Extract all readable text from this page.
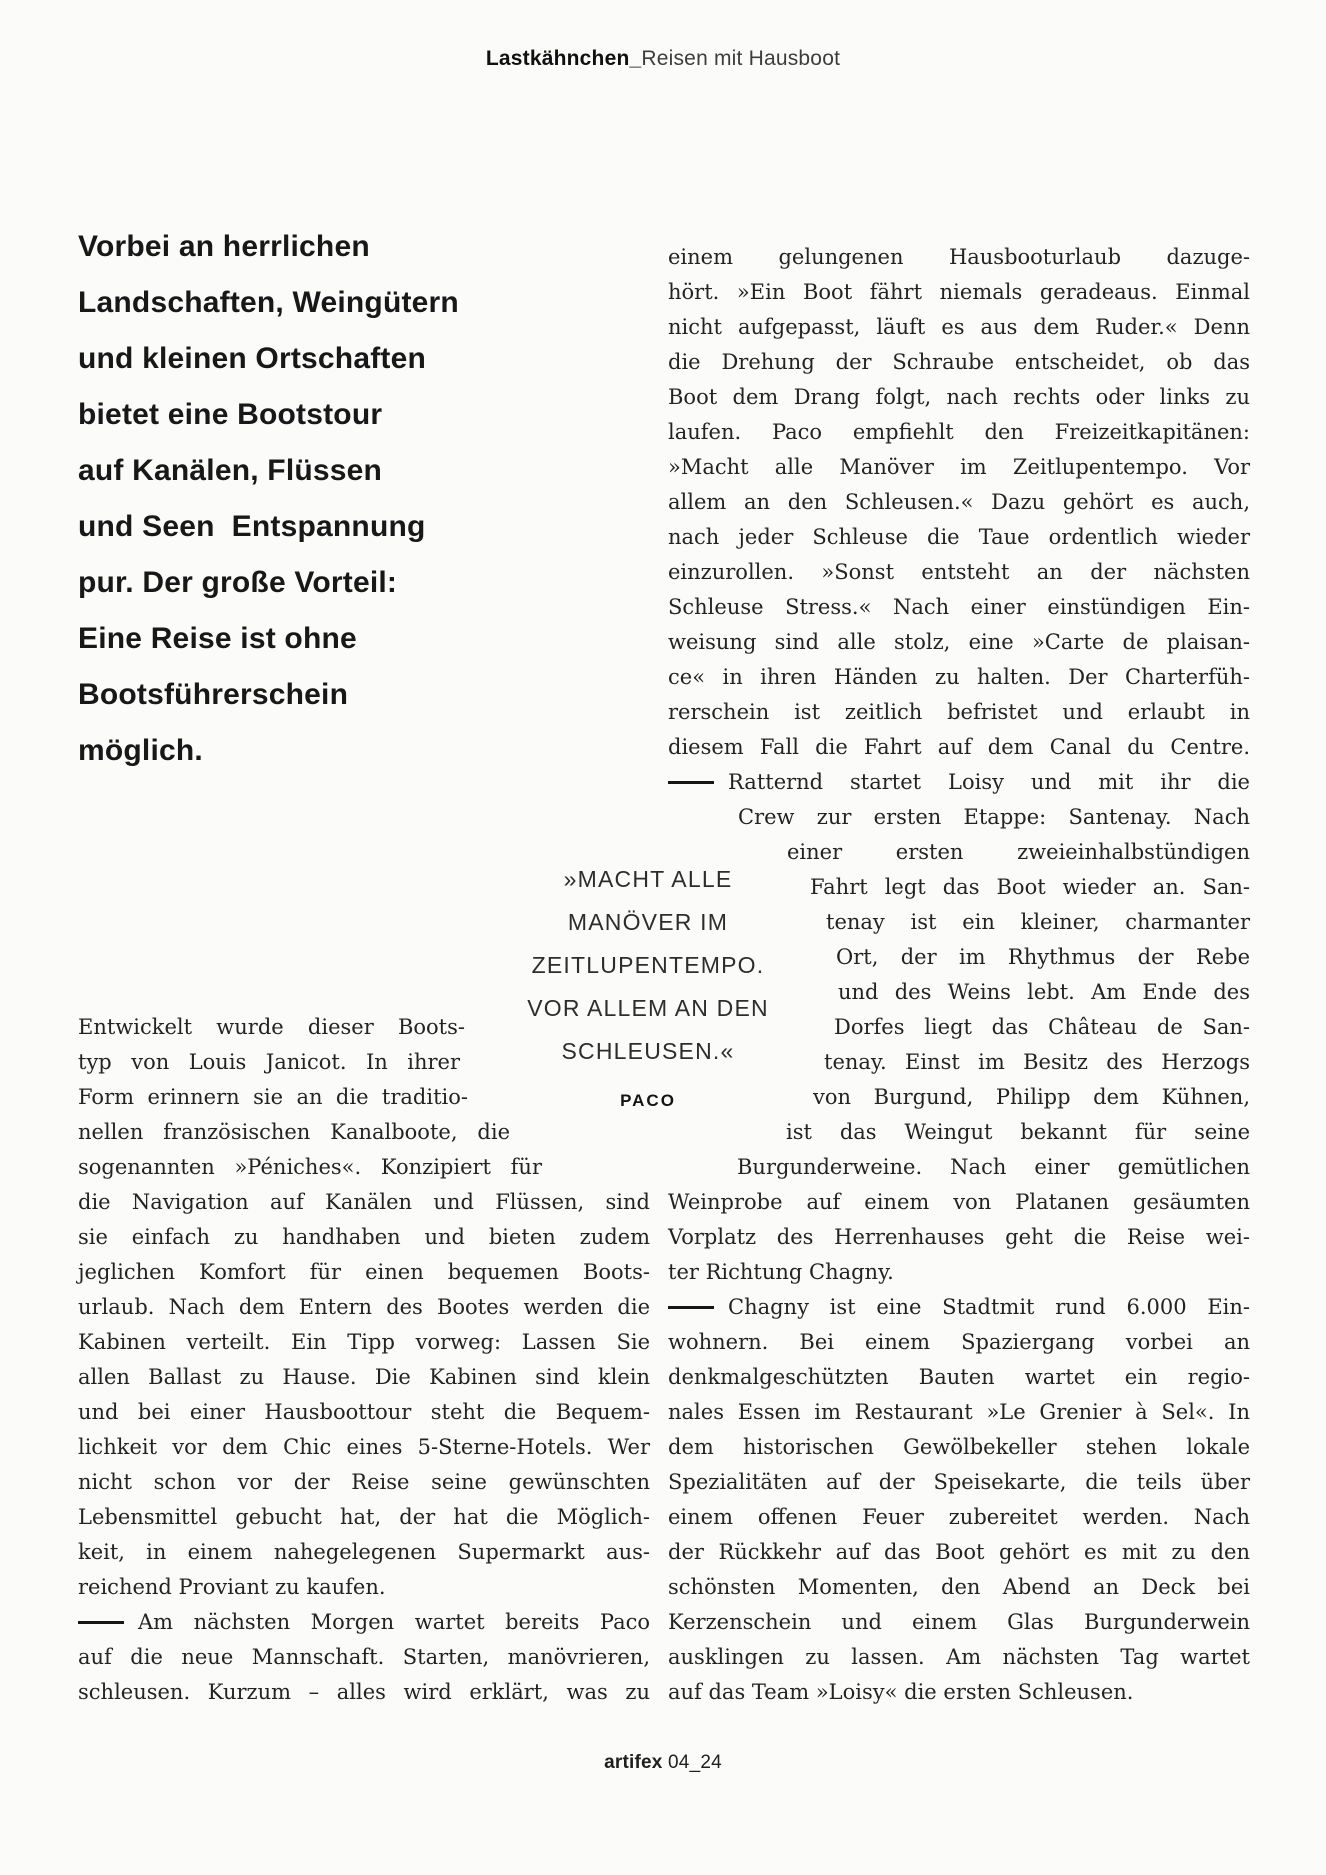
Lastkähnchen_Reisen mit Hausboot
Vorbei an herrlichen
Landschaften, Weingütern
und kleinen Ortschaften
bietet eine Bootstour
auf Kanälen, Flüssen
und Seen  Entspannung
pur. Der große Vorteil:
Eine Reise ist ohne
Bootsführerschein
möglich.
Entwickelt wurde dieser Boots-
typ von Louis Janicot. In ihrer
Form erinnern sie an die traditio-
nellen französischen Kanalboote, die
sogenannten »Péniches«. Konzipiert für
die Navigation auf Kanälen und Flüssen, sind
sie einfach zu handhaben und bieten zudem
jeglichen Komfort für einen bequemen Boots-
urlaub. Nach dem Entern des Bootes werden die
Kabinen verteilt. Ein Tipp vorweg: Lassen Sie
allen Ballast zu Hause. Die Kabinen sind klein
und bei einer Hausboottour steht die Bequem-
lichkeit vor dem Chic eines 5-Sterne-Hotels. Wer
nicht schon vor der Reise seine gewünschten
Lebensmittel gebucht hat, der hat die Möglich-
keit, in einem nahegelegenen Supermarkt aus-
reichend Proviant zu kaufen.
Am nächsten Morgen wartet bereits Paco
auf die neue Mannschaft. Starten, manövrieren,
schleusen. Kurzum – alles wird erklärt, was zu
»MACHT ALLE
MANÖVER IM
ZEITLUPENTEMPO.
VOR ALLEM AN DEN
SCHLEUSEN.«
PACO
einem gelungenen Hausbooturlaub dazuge-
hört. »Ein Boot fährt niemals geradeaus. Einmal
nicht aufgepasst, läuft es aus dem Ruder.« Denn
die Drehung der Schraube entscheidet, ob das
Boot dem Drang folgt, nach rechts oder links zu
laufen. Paco empfiehlt den Freizeitkapitänen:
»Macht alle Manöver im Zeitlupentempo. Vor
allem an den Schleusen.« Dazu gehört es auch,
nach jeder Schleuse die Taue ordentlich wieder
einzurollen. »Sonst entsteht an der nächsten
Schleuse Stress.« Nach einer einstündigen Ein-
weisung sind alle stolz, eine »Carte de plaisan-
ce« in ihren Händen zu halten. Der Charterfüh-
rerschein ist zeitlich befristet und erlaubt in
diesem Fall die Fahrt auf dem Canal du Centre.
Ratternd startet Loisy und mit ihr die
Crew zur ersten Etappe: Santenay. Nach
einer ersten zweieinhalbstündigen
Fahrt legt das Boot wieder an. San-
tenay ist ein kleiner, charmanter
Ort, der im Rhythmus der Rebe
und des Weins lebt. Am Ende des
Dorfes liegt das Château de San-
tenay. Einst im Besitz des Herzogs
von Burgund, Philipp dem Kühnen,
ist das Weingut bekannt für seine
Burgunderweine. Nach einer gemütlichen
Weinprobe auf einem von Platanen gesäumten
Vorplatz des Herrenhauses geht die Reise wei-
ter Richtung Chagny.
Chagny ist eine Stadtmit rund 6.000 Ein-
wohnern. Bei einem Spaziergang vorbei an
denkmalgeschützten Bauten wartet ein regio-
nales Essen im Restaurant »Le Grenier à Sel«. In
dem historischen Gewölbekeller stehen lokale
Spezialitäten auf der Speisekarte, die teils über
einem offenen Feuer zubereitet werden. Nach
der Rückkehr auf das Boot gehört es mit zu den
schönsten Momenten, den Abend an Deck bei
Kerzenschein und einem Glas Burgunderwein
ausklingen zu lassen. Am nächsten Tag wartet
auf das Team »Loisy« die ersten Schleusen.
artifex 04_24
